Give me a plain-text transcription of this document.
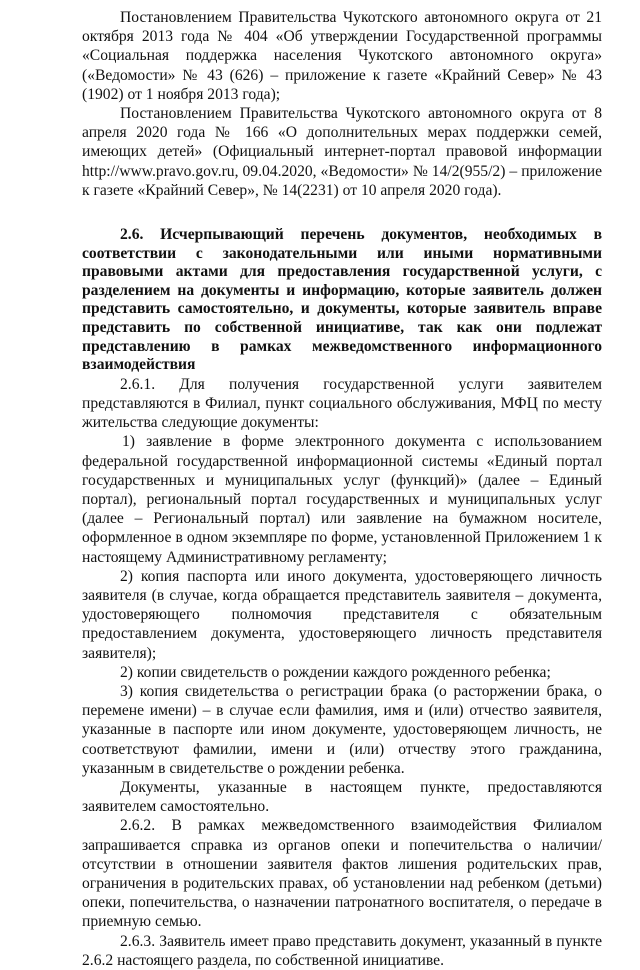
Постановлением Правительства Чукотского автономного округа от 21 октября 2013 года № 404 «Об утверждении Государственной программы «Социальная поддержка населения Чукотского автономного округа» («Ведомости» № 43 (626) – приложение к газете «Крайний Север» № 43 (1902) от 1 ноября 2013 года);

Постановлением Правительства Чукотского автономного округа от 8 апреля 2020 года № 166 «О дополнительных мерах поддержки семей, имеющих детей» (Официальный интернет-портал правовой информации http://www.pravo.gov.ru, 09.04.2020, «Ведомости» № 14/2(955/2) – приложение к газете «Крайний Север», № 14(2231) от 10 апреля 2020 года).

2.6. Исчерпывающий перечень документов, необходимых в соответствии с законодательными или иными нормативными правовыми актами для предоставления государственной услуги, с разделением на документы и информацию, которые заявитель должен представить самостоятельно, и документы, которые заявитель вправе представить по собственной инициативе, так как они подлежат представлению в рамках межведомственного информационного взаимодействия

2.6.1. Для получения государственной услуги заявителем представляются в Филиал, пункт социального обслуживания, МФЦ по месту жительства следующие документы:

1) заявление в форме электронного документа с использованием федеральной государственной информационной системы «Единый портал государственных и муниципальных услуг (функций)» (далее – Единый портал), региональный портал государственных и муниципальных услуг (далее – Региональный портал) или заявление на бумажном носителе, оформленное в одном экземпляре по форме, установленной Приложением 1 к настоящему Административному регламенту;

2) копия паспорта или иного документа, удостоверяющего личность заявителя (в случае, когда обращается представитель заявителя – документа, удостоверяющего полномочия представителя с обязательным предоставлением документа, удостоверяющего личность представителя заявителя);

2) копии свидетельств о рождении каждого рожденного ребенка;

3) копия свидетельства о регистрации брака (о расторжении брака, о перемене имени) – в случае если фамилия, имя и (или) отчество заявителя, указанные в паспорте или ином документе, удостоверяющем личность, не соответствуют фамилии, имени и (или) отчеству этого гражданина, указанным в свидетельстве о рождении ребенка.

Документы, указанные в настоящем пункте, предоставляются заявителем самостоятельно.

2.6.2. В рамках межведомственного взаимодействия Филиалом запрашивается справка из органов опеки и попечительства о наличии/отсутствии в отношении заявителя фактов лишения родительских прав, ограничения в родительских правах, об установлении над ребенком (детьми) опеки, попечительства, о назначении патронатного воспитателя, о передаче в приемную семью.

2.6.3. Заявитель имеет право представить документ, указанный в пункте 2.6.2 настоящего раздела, по собственной инициативе.
